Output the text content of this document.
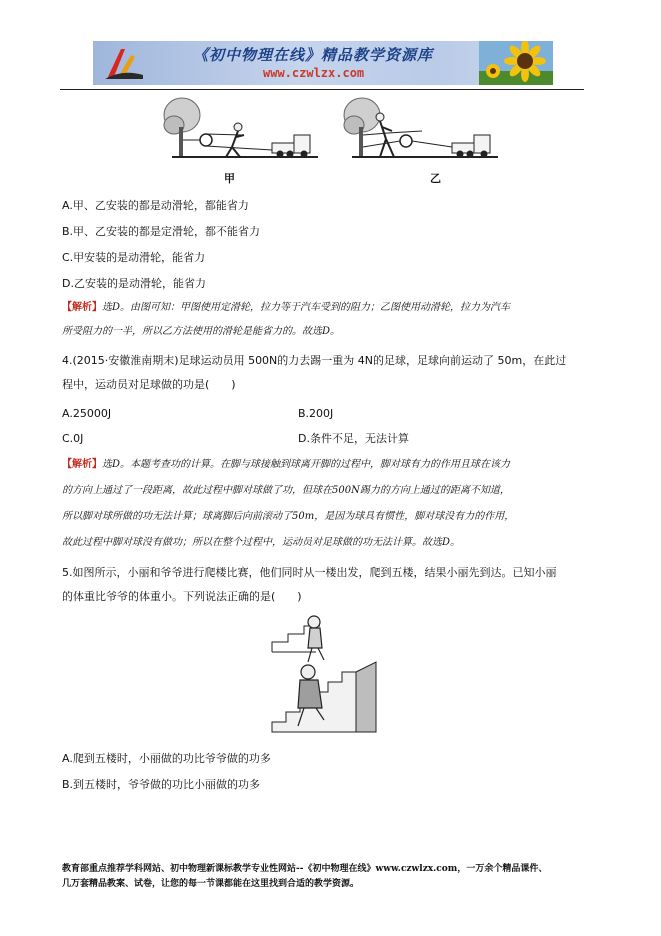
《初中物理在线》精品教学资源库
www.czwlzx.com
甲	乙
A.甲、乙安装的都是动滑轮，都能省力
B.甲、乙安装的都是定滑轮，都不能省力
C.甲安装的是动滑轮，能省力
D.乙安装的是动滑轮，能省力
【解析】选D。由图可知：甲图使用定滑轮，拉力等于汽车受到的阻力；乙图使用动滑轮，拉力为汽车
所受阻力的一半，所以乙方法使用的滑轮是能省力的。故选D。
4.(2015·安徽淮南期末)足球运动员用 500N的力去踢一重为 4N的足球，足球向前运动了 50m，在此过
程中，运动员对足球做的功是(　　)
A.25000J	B.200J
C.0J	D.条件不足，无法计算
【解析】选D。本题考查功的计算。在脚与球接触到球离开脚的过程中，脚对球有力的作用且球在该力
的方向上通过了一段距离，故此过程中脚对球做了功，但球在500N踢力的方向上通过的距离不知道，
所以脚对球所做的功无法计算；球离脚后向前滚动了50m，是因为球具有惯性，脚对球没有力的作用，
故此过程中脚对球没有做功；所以在整个过程中，运动员对足球做的功无法计算。故选D。
5.如图所示，小丽和爷爷进行爬楼比赛，他们同时从一楼出发，爬到五楼，结果小丽先到达。已知小丽
的体重比爷爷的体重小。下列说法正确的是(　　)
A.爬到五楼时，小丽做的功比爷爷做的功多
B.到五楼时，爷爷做的功比小丽做的功多
教育部重点推荐学科网站、初中物理新课标教学专业性网站--《初中物理在线》www.czwlzx.com，一万余个精品课件、
几万套精品教案、试卷，让您的每一节课都能在这里找到合适的教学资源。
